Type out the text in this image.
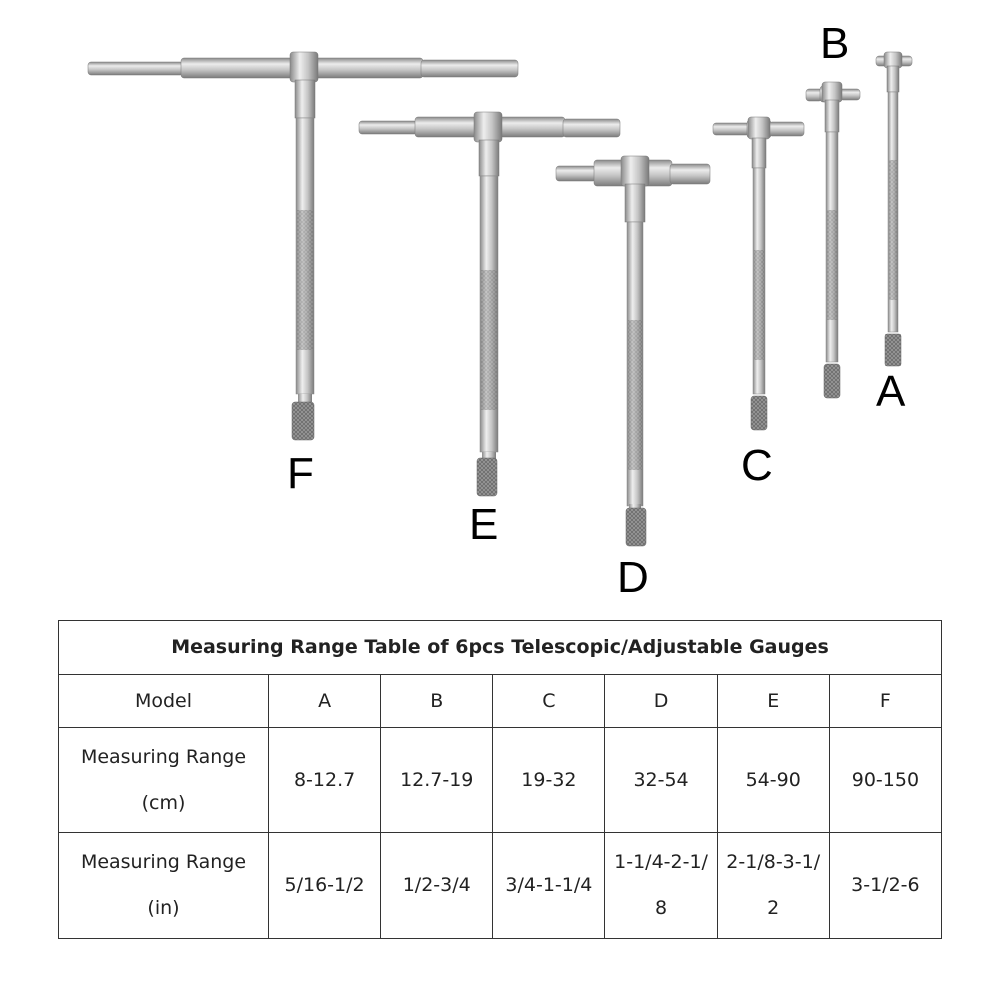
A
B
C
D
E
F
Measuring Range Table of 6pcs Telescopic/Adjustable Gauges						
Model	A	B	C	D	E	F
Measuring Range
(cm)	8-12.7	12.7-19	19-32	32-54	54-90	90-150
Measuring Range
(in)	5/16-1/2	1/2-3/4	3/4-1-1/4	1-1/4-2-1/8	2-1/8-3-1/2	3-1/2-6
